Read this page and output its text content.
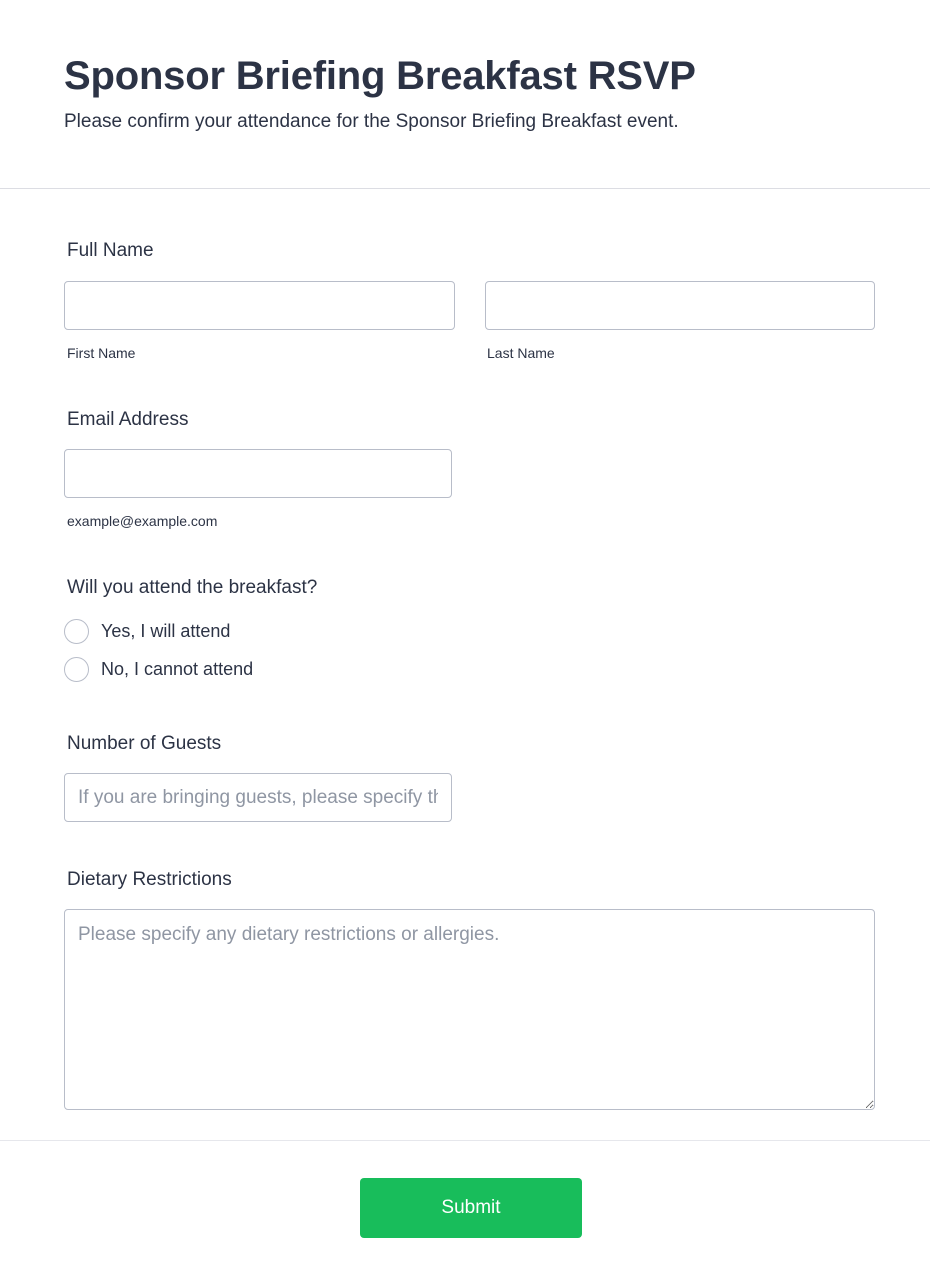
Sponsor Briefing Breakfast RSVP

Please confirm your attendance for the Sponsor Briefing Breakfast event.

Full Name
First Name	Last Name
Email Address
example@example.com
Will you attend the breakfast?
Yes, I will attend
No, I cannot attend
Number of Guests
If you are bringing guests, please specify the number.
Dietary Restrictions
Please specify any dietary restrictions or allergies.
Submit
